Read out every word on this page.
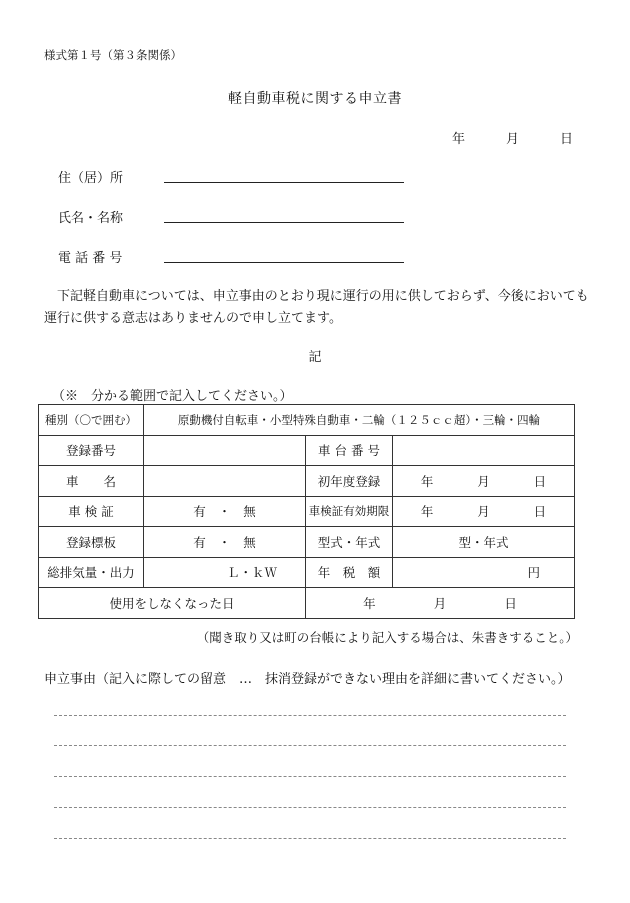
様式第１号（第３条関係）
軽自動車税に関する申立書
年	月	日
住（居）所
氏名・名称
電 話 番 号
下記軽自動車については、申立事由のとおり現に運行の用に供しておらず、今後においても運行に供する意志はありませんので申し立てます。
記
（※　分かる範囲で記入してください。）
種別（〇で囲む）	原動機付自転車・小型特殊自動車・二輪（１２５ｃｃ超）・三輪・四輪		
登録番号		車 台 番 号	
車　　名		初年度登録	年 月 日

車 検 証	有　・　無	車検証有効期限	年 月 日

登録標板	有　・　無	型式・年式	型・年式
総排気量・出力	Ｌ・ｋＷ	年　税　額	円
使用をしなくなった日		年 月 日	
（聞き取り又は町の台帳により記入する場合は、朱書きすること。）
申立事由（記入に際しての留意　…　抹消登録ができない理由を詳細に書いてください。）
